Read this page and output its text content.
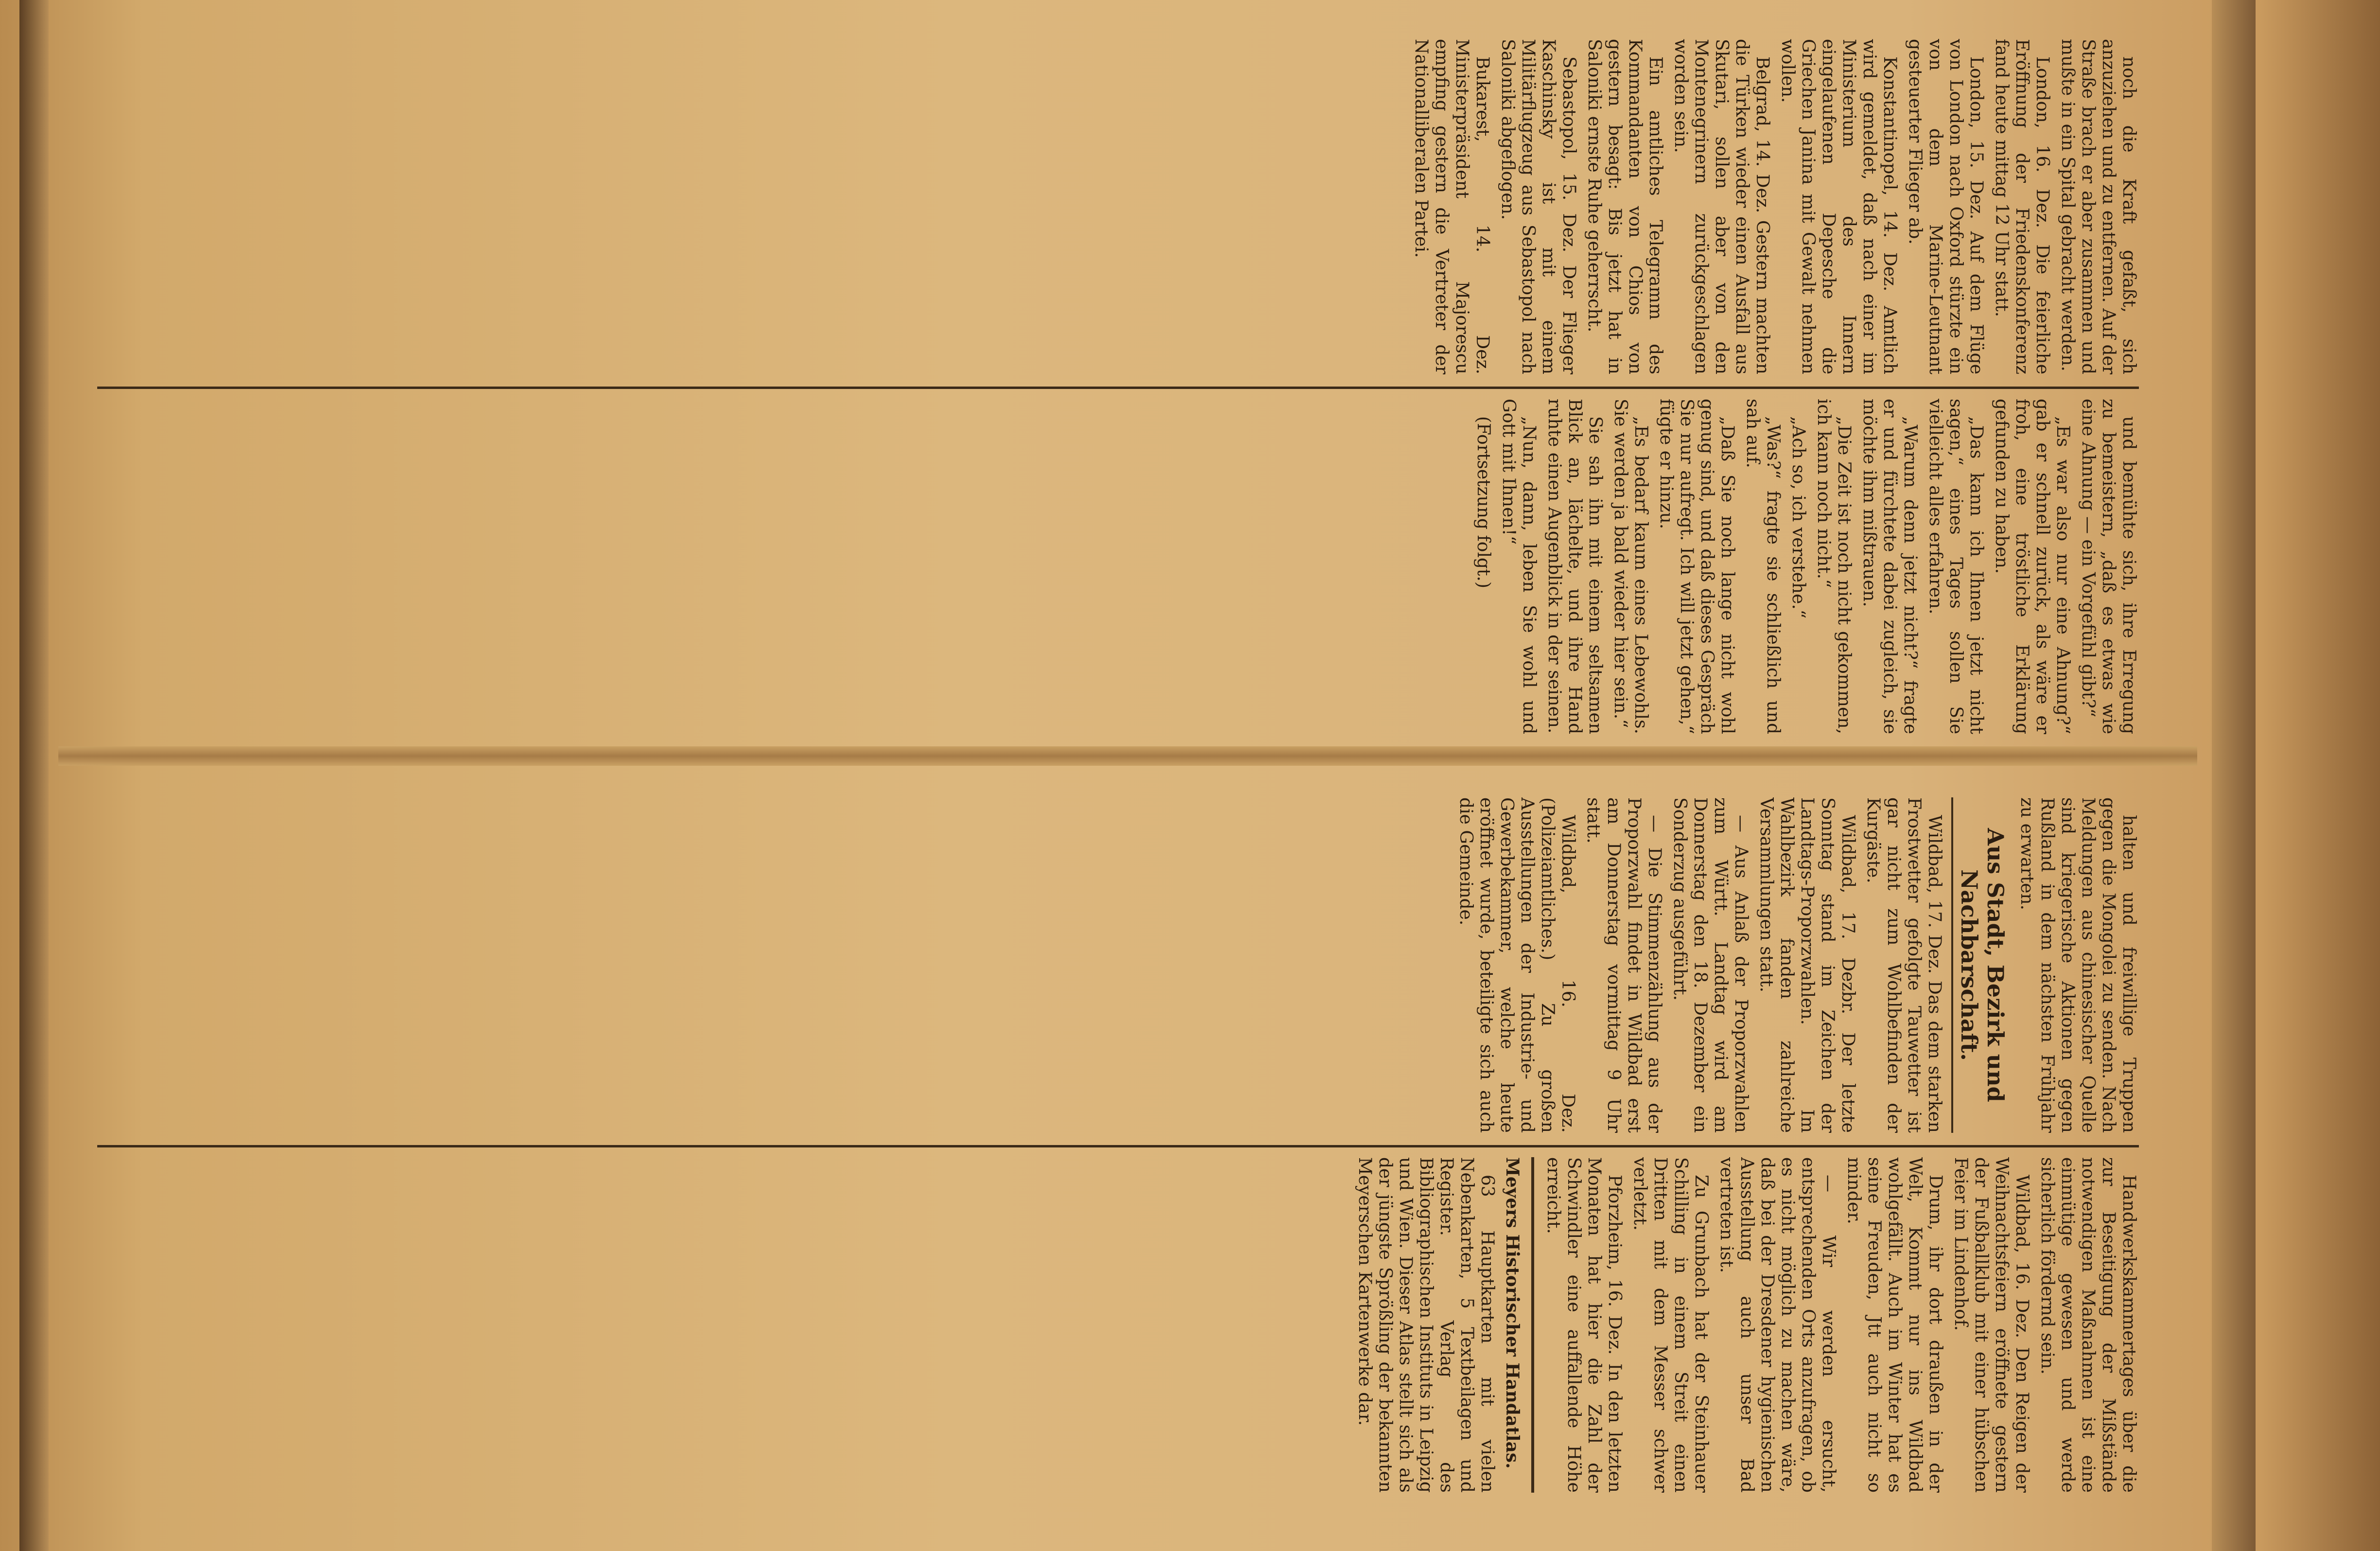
noch die Kraft gefaßt, sich anzuziehen und zu entfernen. Auf der Straße brach er aber zusammen und mußte in ein Spital gebracht werden.

London, 16. Dez. Die feierliche Eröffnung der Friedenskonferenz fand heute mittag 12 Uhr statt.

London, 15. Dez. Auf dem Flüge von London nach Oxford stürzte ein von dem Marine-Leutnant gesteuerter Flieger ab.

Konstantinopel, 14. Dez. Amtlich wird gemeldet, daß nach einer im Ministerium des Innern eingelaufenen Depesche die Griechen Janina mit Gewalt nehmen wollen.

Belgrad, 14. Dez. Gestern machten die Türken wieder einen Ausfall aus Skutari, sollen aber von den Montenegrinern zurückgeschlagen worden sein.

Ein amtliches Telegramm des Kommandanten von Chios von gestern besagt: Bis jetzt hat in Saloniki ernste Ruhe geherrscht.

Sebastopol, 15. Dez. Der Flieger Kaschinsky ist mit einem Militärflugzeug aus Sebastopol nach Saloniki abgeflogen.

Bukarest, 14. Dez. Ministerpräsident Majorescu empfing gestern die Vertreter der Nationalliberalen Partei.

und bemühte sich, ihre Erregung zu bemeistern, „daß es etwas wie eine Ahnung — ein Vorgefühl gibt?“

„Es war also nur eine Ahnung?“ gab er schnell zurück, als wäre er froh, eine tröstliche Erklärung gefunden zu haben.

„Das kann ich Ihnen jetzt nicht sagen,“ eines Tages sollen Sie vielleicht alles erfahren.

„Warum denn jetzt nicht?“ fragte er und fürchtete dabei zugleich, sie möchte ihm mißtrauen.

„Die Zeit ist noch nicht gekommen, ich kann noch nicht.“

„Ach so, ich verstehe.“

„Was?“ fragte sie schließlich und sah auf.

„Daß Sie noch lange nicht wohl genug sind, und daß dieses Gespräch Sie nur aufregt. Ich will jetzt gehen,“ fügte er hinzu.

„Es bedarf kaum eines Lebewohls. Sie werden ja bald wieder hier sein.“

Sie sah ihn mit einem seltsamen Blick an, lächelte, und ihre Hand ruhte einen Augenblick in der seinen.

„Nun, dann, leben Sie wohl und Gott mit Ihnen!“

(Fortsetzung folgt.)

halten und freiwillige Truppen gegen die Mongolei zu senden. Nach Meldungen aus chinesischer Quelle sind kriegerische Aktionen gegen Rußland in dem nächsten Frühjahr zu erwarten.

Aus Stadt, Bezirk und Nachbarschaft.

Wildbad, 17. Dez. Das dem starken Frostwetter gefolgte Tauwetter ist gar nicht zum Wohlbefinden der Kurgäste.

Wildbad, 17. Dezbr. Der letzte Sonntag stand im Zeichen der Landtags-Proporzwahlen. Im Wahlbezirk fanden zahlreiche Versammlungen statt.

— Aus Anlaß der Proporzwahlen zum Württ. Landtag wird am Donnerstag den 18. Dezember ein Sonderzug ausgeführt.

— Die Stimmenzählung aus der Proporzwahl findet in Wildbad erst am Donnerstag vormittag 9 Uhr statt.

Wildbad, 16. Dez. (Polizeiamtliches.) Zu großen Ausstellungen der Industrie- und Gewerbekammer, welche heute eröffnet wurde, beteiligte sich auch die Gemeinde.

Handwerkskammertages über die zur Beseitigung der Mißstände notwendigen Maßnahmen ist eine einmütige gewesen und werde sicherlich fördernd sein.

Wildbad, 16. Dez. Den Reigen der Weihnachtsfeiern eröffnete gestern der Fußballklub mit einer hübschen Feier im Lindenhof.

Drum, ihr dort draußen in der Welt, Kommt nur ins Wildbad wohlgefällt. Auch im Winter hat es seine Freuden, Jtt auch nicht so minder.

— Wir werden ersucht, entsprechenden Orts anzufragen, ob es nicht möglich zu machen wäre, daß bei der Dresdener hygienischen Ausstellung auch unser Bad vertreten ist.

Zu Grunbach hat der Steinhauer Schilling in einem Streit einen Dritten mit dem Messer schwer verletzt.

Pforzheim, 16. Dez. In den letzten Monaten hat hier die Zahl der Schwindler eine auffallende Höhe erreicht.

Meyers Historischer Handatlas.

63 Hauptkarten mit vielen Nebenkarten, 5 Textbeilagen und Register. Verlag des Bibliographischen Instituts in Leipzig und Wien. Dieser Atlas stellt sich als der jüngste Sprößling der bekannten Meyerschen Kartenwerke dar.
